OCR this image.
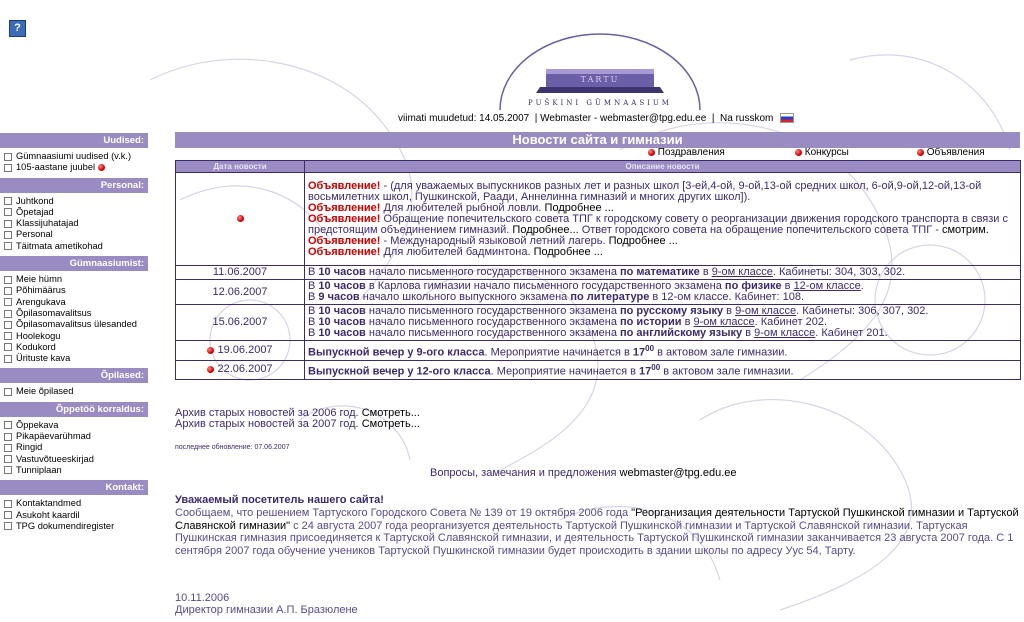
?
TARTU
PUŠKINI GÜMNAASIUM
viimati muudetud: 14.05.2007  | Webmaster - webmaster@tpg.edu.ee  |  Na russkom
Uudised:
Gümnaasiumi uudised (v.k.)
105-aastane juubel
Personal:
Juhtkond
Õpetajad
Klassijuhatajad
Personal
Täitmata ametikohad
Gümnaasiumist:
Meie hümn
Põhimäärus
Arengukava
Õpilasomavalitsus
Õpilasomavalitsus ülesanded
Hoolekogu
Kodukord
Ürituste kava
Õpilased:
Meie õpilased
Õppetöö korraldus:
Õppekava
Pikapäevarühmad
Ringid
Vastuvõtueeskirjad
Tunniplaan
Kontakt:
Kontaktandmed
Asukoht kaardil
TPG dokumendiregister
Новости сайта и гимназии
Поздравления	Конкурсы	Объявления
Дата новости	Описание новости
	Объявление! - (для уважаемых выпускников разных лет и разных школ [3-ей,4-ой, 9-ой,13-ой средних школ, 6-ой,9-ой,12-ой,13-ой восьмилетних школ, Пушкинской, Раади, Аннелинна гимназий и многих других школ]).
Объявление! Для любителей рыбной ловли. Подробнее ...
Объявление! Обращение попечительского совета ТПГ к городскому совету о реорганизации движения городского транспорта в связи с предстоящим объединением гимназий. Подробнее... Ответ городского совета на обращение попечительского совета ТПГ - смотрим.
Объявление! - Международный языковой летний лагерь. Подробнее ...
Объявление! Для любителей бадминтона. Подробнее ...
11.06.2007	В 10 часов начало письменного государственного экзамена по математике в 9-ом классе. Кабинеты: 304, 303, 302.
12.06.2007	В 10 часов в Карлова гимназии начало письменного государственного экзамена по физике в 12-ом классе.
В 9 часов начало школьного выпускного экзамена по литературе в 12-ом классе. Кабинет: 108.
15.06.2007	В 10 часов начало письменного государственного экзамена по русскому языку в 9-ом классе. Кабинеты: 306, 307, 302.
В 10 часов начало письменного государственного экзамена по истории в 9-ом классе. Кабинет 202.
В 10 часов начало письменного государственного экзамена по английскому языку в 9-ом классе. Кабинет 201.
19.06.2007	Выпускной вечер у 9-ого класса. Мероприятие начинается в $17^{00}$ в актовом зале гимназии.
22.06.2007	Выпускной вечер у 12-ого класса. Мероприятие начинается в $17^{00}$ в актовом зале гимназии.
Архив старых новостей за 2006 год. Смотреть...
Архив старых новостей за 2007 год. Смотреть...
последнее обновление: 07.06.2007
Вопросы, замечания и предложения webmaster@tpg.edu.ee
Уважаемый посетитель нашего сайта!
Сообщаем, что решением Тартуского Городского Совета № 139 от 19 октября 2006 года "Реорганизация деятельности Тартуской Пушкинской гимназии и Тартуской Славянской гимназии" с 24 августа 2007 года реорганизуется деятельность Тартуской Пушкинской гимназии и Тартуской Славянской гимназии. Тартуская Пушкинская гимназия присоединяется к Тартуской Славянской гимназии, и деятельность Тартуской Пушкинской гимназии заканчивается 23 августа 2007 года. С 1 сентября 2007 года обучение учеников Тартуской Пушкинской гимназии будет происходить в здании школы по адресу Уус 54, Тарту.
10.11.2006
Директор гимназии А.П. Бразюлене
